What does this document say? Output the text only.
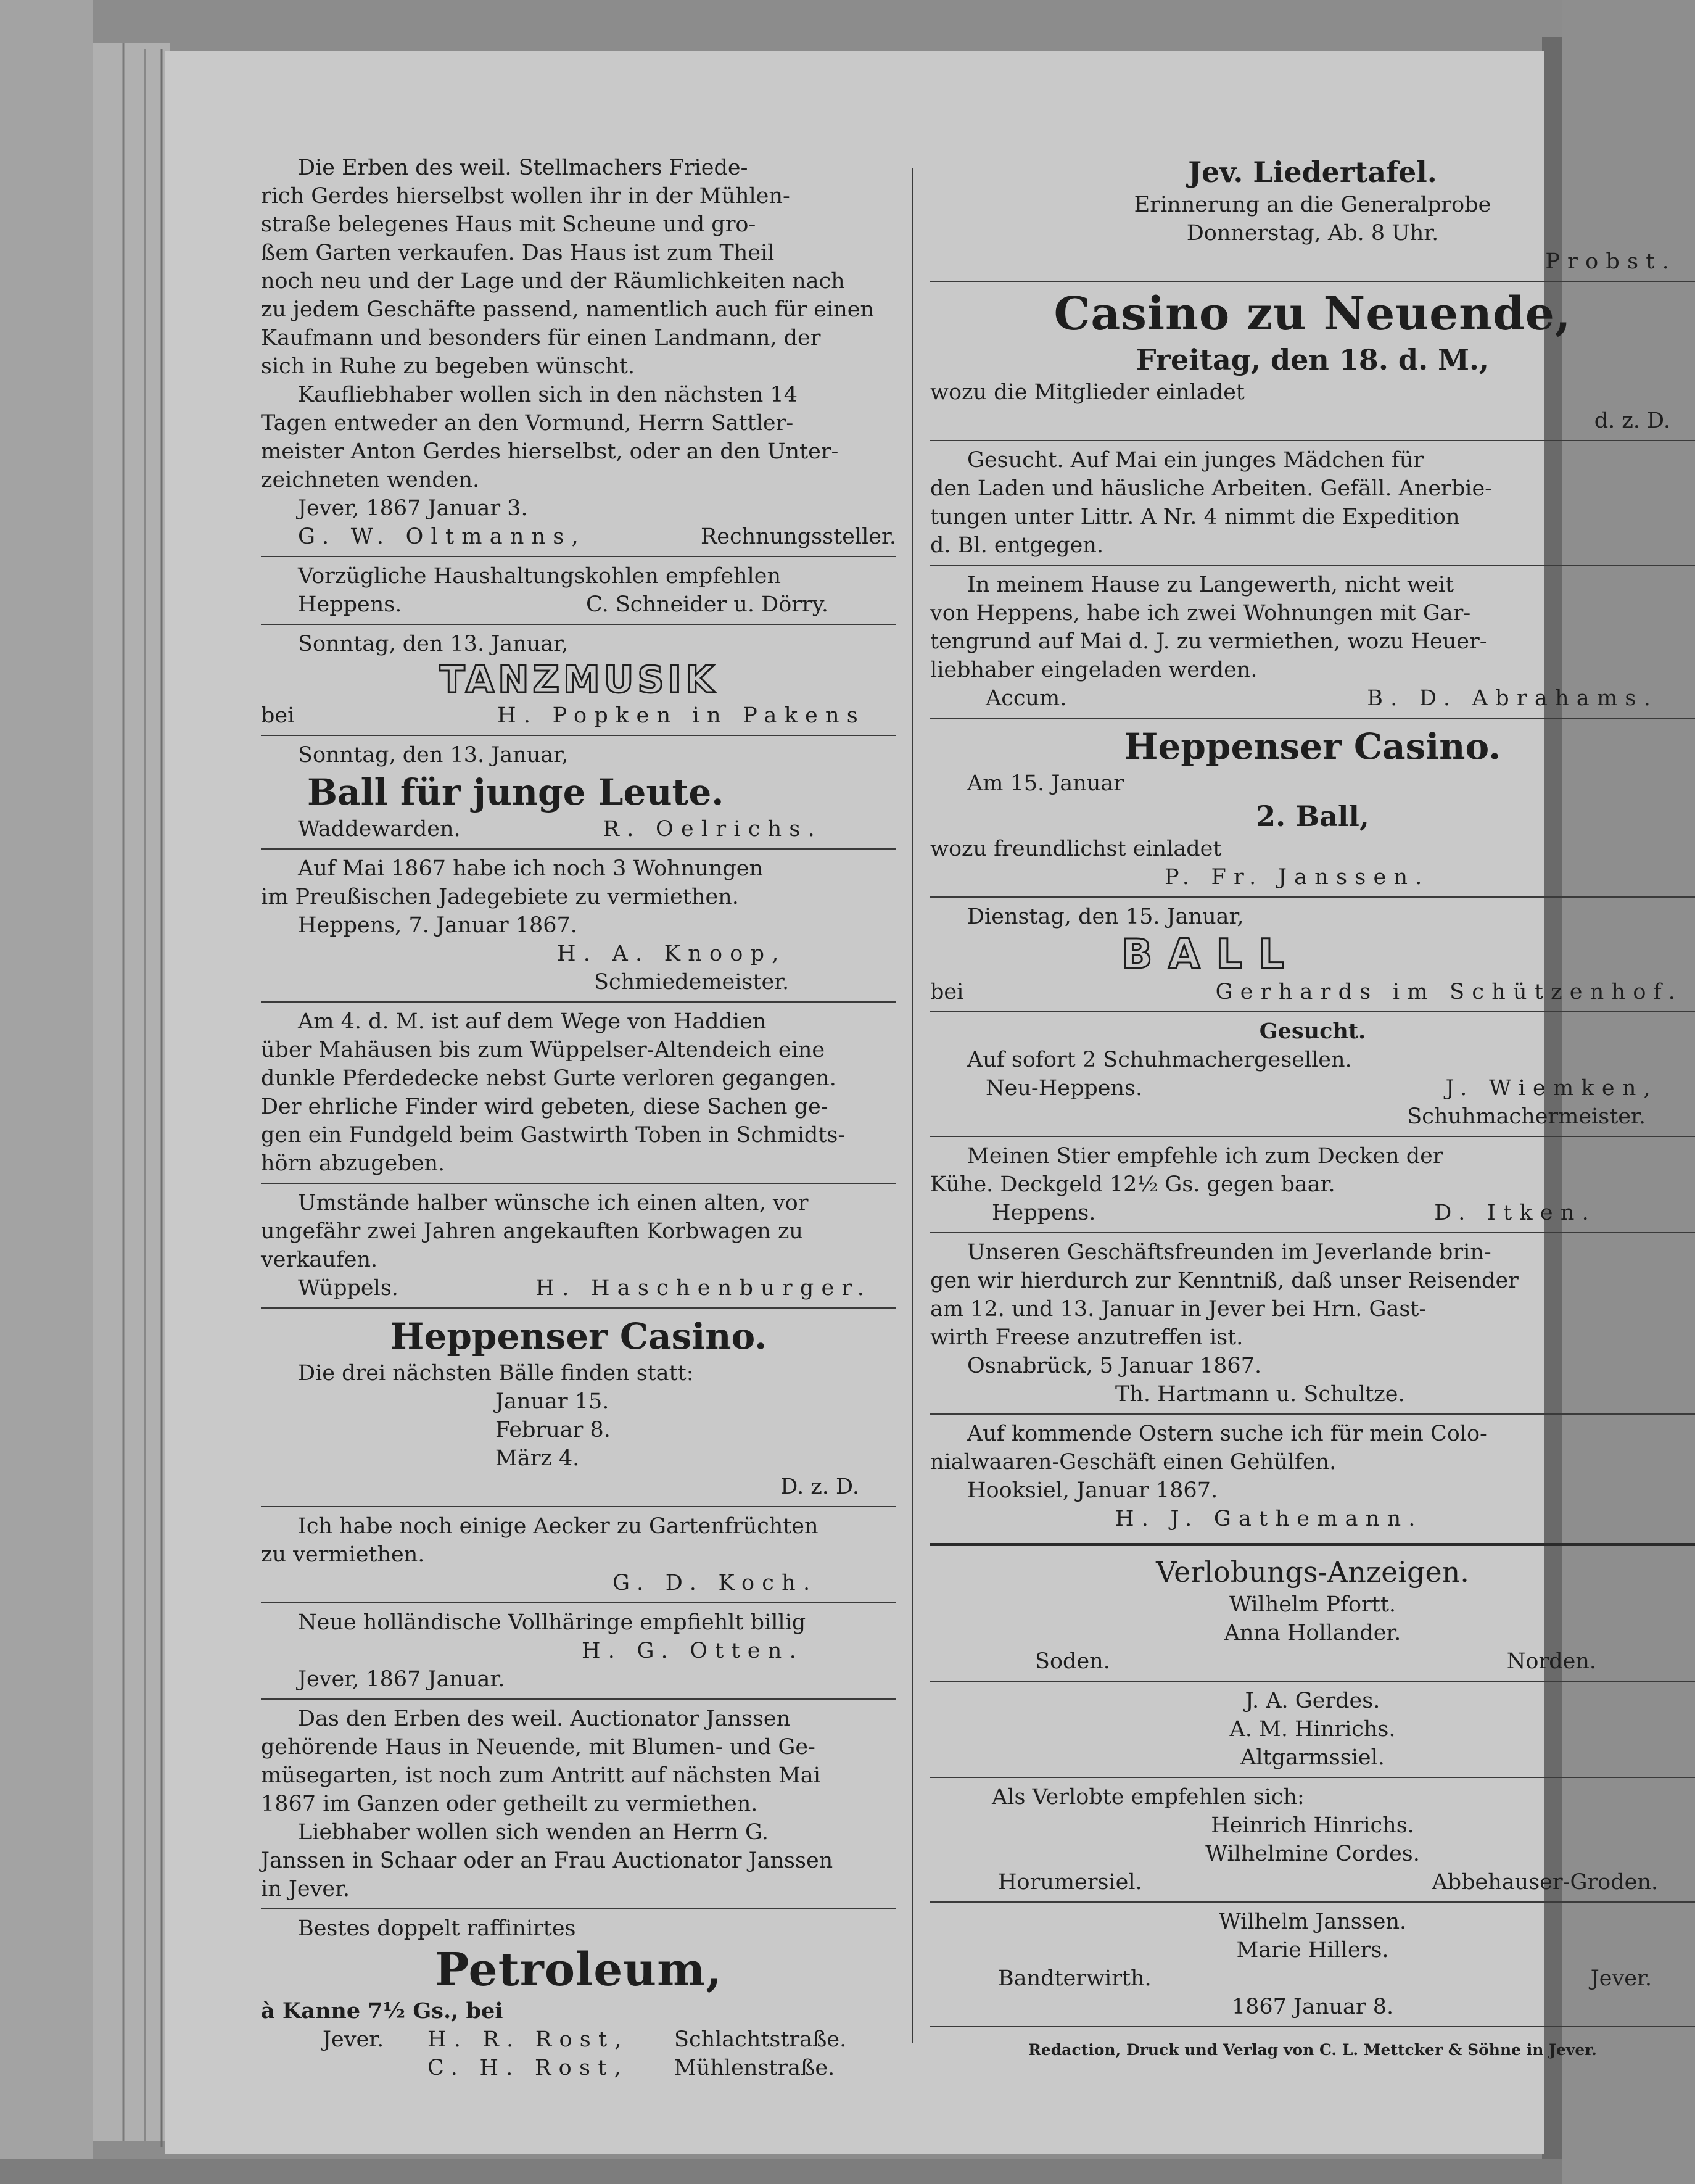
Die Erben des weil. Stellmachers Friede-

rich Gerdes hierselbst wollen ihr in der Mühlen-

straße belegenes Haus mit Scheune und gro-

ßem Garten verkaufen. Das Haus ist zum Theil

noch neu und der Lage und der Räumlichkeiten nach

zu jedem Geschäfte passend, namentlich auch für einen

Kaufmann und besonders für einen Landmann, der

sich in Ruhe zu begeben wünscht.

Kaufliebhaber wollen sich in den nächsten 14

Tagen entweder an den Vormund, Herrn Sattler-

meister Anton Gerdes hierselbst, oder an den Unter-

zeichneten wenden.

Jever, 1867 Januar 3.

G. W. Oltmanns,	Rechnungssteller.

Vorzügliche Haushaltungskohlen empfehlen

Heppens.	C. Schneider u. Dörry.

Sonntag, den 13. Januar,

TANZMUSIK
bei	H. Popken in Pakens

Sonntag, den 13. Januar,

Ball für junge Leute.
Waddewarden.	R. Oelrichs.

Auf Mai 1867 habe ich noch 3 Wohnungen

im Preußischen Jadegebiete zu vermiethen.

Heppens, 7. Januar 1867.

H. A. Knoop,

Schmiedemeister.

Am 4. d. M. ist auf dem Wege von Haddien

über Mahäusen bis zum Wüppelser-Altendeich eine

dunkle Pferdedecke nebst Gurte verloren gegangen.

Der ehrliche Finder wird gebeten, diese Sachen ge-

gen ein Fundgeld beim Gastwirth Toben in Schmidts-

hörn abzugeben.

Umstände halber wünsche ich einen alten, vor

ungefähr zwei Jahren angekauften Korbwagen zu

verkaufen.

Wüppels.	H. Haschenburger.
Heppenser Casino.

Die drei nächsten Bälle finden statt:

Januar 15.

Februar 8.

März 4.

D. z. D.

Ich habe noch einige Aecker zu Gartenfrüchten

zu vermiethen.

G. D. Koch.

Neue holländische Vollhäringe empfiehlt billig

H. G. Otten.

Jever, 1867 Januar.

Das den Erben des weil. Auctionator Janssen

gehörende Haus in Neuende, mit Blumen- und Ge-

müsegarten, ist noch zum Antritt auf nächsten Mai

1867 im Ganzen oder getheilt zu vermiethen.

Liebhaber wollen sich wenden an Herrn G.

Janssen in Schaar oder an Frau Auctionator Janssen

in Jever.

Bestes doppelt raffinirtes

Petroleum,

à Kanne 7½ Gs., bei

Jever.	H. R. Rost,	Schlachtstraße.
C. H. Rost,	Mühlenstraße.
Jev. Liedertafel.

Erinnerung an die Generalprobe

Donnerstag, Ab. 8 Uhr.

Probst.

Casino zu Neuende,
Freitag, den 18. d. M.,

wozu die Mitglieder einladet

d. z. D.

Gesucht. Auf Mai ein junges Mädchen für

den Laden und häusliche Arbeiten. Gefäll. Anerbie-

tungen unter Littr. A Nr. 4 nimmt die Expedition

d. Bl. entgegen.

In meinem Hause zu Langewerth, nicht weit

von Heppens, habe ich zwei Wohnungen mit Gar-

tengrund auf Mai d. J. zu vermiethen, wozu Heuer-

liebhaber eingeladen werden.

Accum.	B. D. Abrahams.
Heppenser Casino.

Am 15. Januar

2. Ball,

wozu freundlichst einladet

P. Fr. Janssen.

Dienstag, den 15. Januar,

BALL
bei	Gerhards im Schützenhof.

Gesucht.

Auf sofort 2 Schuhmachergesellen.

Neu-Heppens.	J. Wiemken,

Schuhmachermeister.

Meinen Stier empfehle ich zum Decken der

Kühe. Deckgeld 12½ Gs. gegen baar.

Heppens.	D. Itken.

Unseren Geschäftsfreunden im Jeverlande brin-

gen wir hierdurch zur Kenntniß, daß unser Reisender

am 12. und 13. Januar in Jever bei Hrn. Gast-

wirth Freese anzutreffen ist.

Osnabrück, 5 Januar 1867.

Th. Hartmann u. Schultze.

Auf kommende Ostern suche ich für mein Colo-

nialwaaren-Geschäft einen Gehülfen.

Hooksiel, Januar 1867.

H. J. Gathemann.

Verlobungs-Anzeigen.

Wilhelm Pfortt.

Anna Hollander.

Soden.	Norden.

J. A. Gerdes.

A. M. Hinrichs.

Altgarmssiel.

Als Verlobte empfehlen sich:

Heinrich Hinrichs.

Wilhelmine Cordes.

Horumersiel.	Abbehauser-Groden.

Wilhelm Janssen.

Marie Hillers.

Bandterwirth.	Jever.

1867 Januar 8.

Redaction, Druck und Verlag von C. L. Mettcker & Söhne in Jever.
